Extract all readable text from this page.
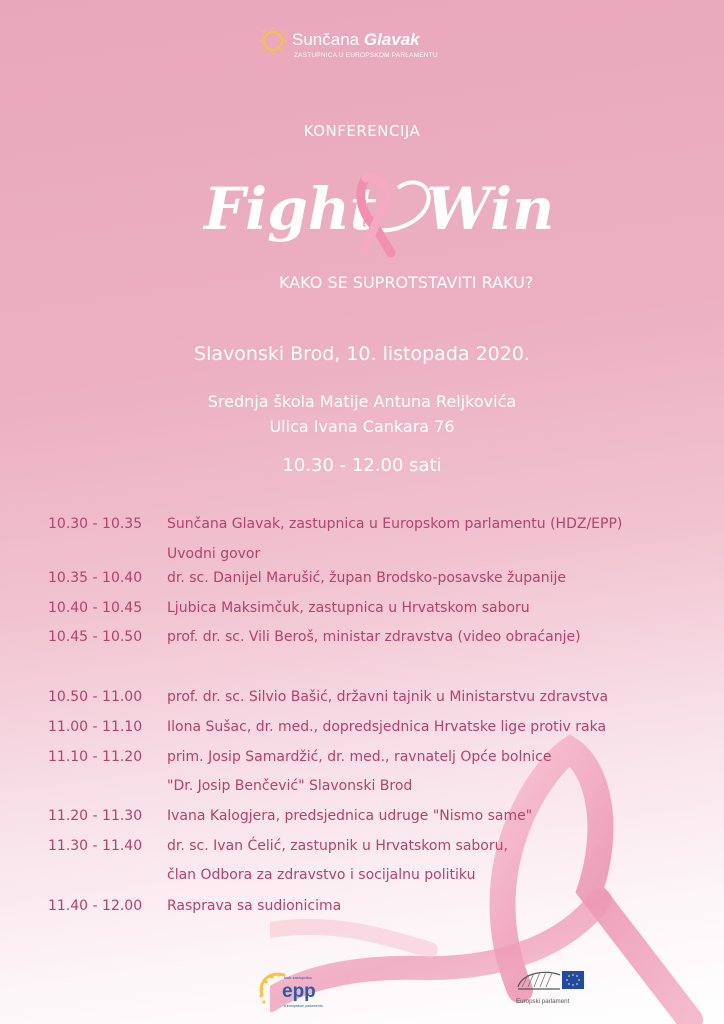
Sunčana Glavak
ZASTUPNICA U EUROPSKOM PARLAMENTU
KONFERENCIJA
Fight Win
KAKO SE SUPROTSTAVITI RAKU?
Slavonski Brod, 10. listopada 2020.
Srednja škola Matije Antuna Reljkovića
Ulica Ivana Cankara 76
10.30 - 12.00 sati
10.30 - 10.35 Sunčana Glavak, zastupnica u Europskom parlamentu (HDZ/EPP)
Uvodni govor
10.35 - 10.40 dr. sc. Danijel Marušić, župan Brodsko-posavske županije
10.40 - 10.45 Ljubica Maksimčuk, zastupnica u Hrvatskom saboru
10.45 - 10.50 prof. dr. sc. Vili Beroš, ministar zdravstva (video obraćanje)
10.50 - 11.00 prof. dr. sc. Silvio Bašić, državni tajnik u Ministarstvu zdravstva
11.00 - 11.10 Ilona Sušac, dr. med., dopredsjednica Hrvatske lige protiv raka
11.10 - 11.20 prim. Josip Samardžić, dr. med., ravnatelj Opće bolnice
"Dr. Josip Benčević" Slavonski Brod
11.20 - 11.30 Ivana Kalogjera, predsjednica udruge "Nismo same"
11.30 - 11.40 dr. sc. Ivan Ćelić, zastupnik u Hrvatskom saboru,
član Odbora za zdravstvo i socijalnu politiku
11.40 - 12.00 Rasprava sa sudionicima
klub zastupnika
epp
u europskom parlamentu
Europski parlament
